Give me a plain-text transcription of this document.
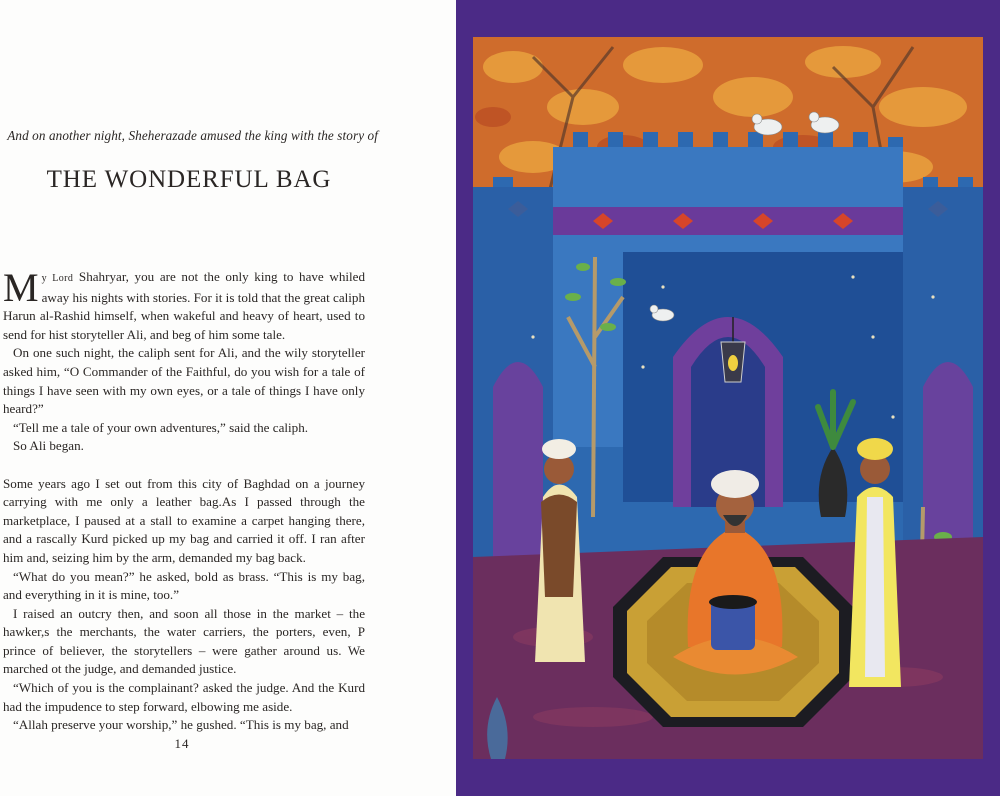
And on another night, Sheherazade amused the king with the story of
THE WONDERFUL BAG

My Lord Shahryar, you are not the only king to have whiled away his nights with stories. For it is told that the great caliph Harun al-Rashid himself, when wakeful and heavy of heart, used to send for hist storyteller Ali, and beg of him some tale.

On one such night, the caliph sent for Ali, and the wily storyteller asked him, “O Commander of the Faithful, do you wish for a tale of things I have seen with my own eyes, or a tale of things I have only heard?”

“Tell me a tale of your own adventures,” said the caliph.

So Ali began.

Some years ago I set out from this city of Baghdad on a journey carrying with me only a leather bag.As I passed through the marketplace, I paused at a stall to examine a carpet hanging there, and a rascally Kurd picked up my bag and carried it off. I ran after him and, seizing him by the arm, demanded my bag back.

“What do you mean?” he asked, bold as brass. “This is my bag, and everything in it is mine, too.”

I raised an outcry then, and soon all those in the market – the hawker,s the merchants, the water carriers, the porters, even, P prince of believer, the storytellers – were gather around us. We marched ot the judge, and demanded justice.

“Which of you is the complainant? asked the judge. And the Kurd had the impudence to step forward, elbowing me aside.

“Allah preserve your worship,” he gushed. “This is my bag, and

14
